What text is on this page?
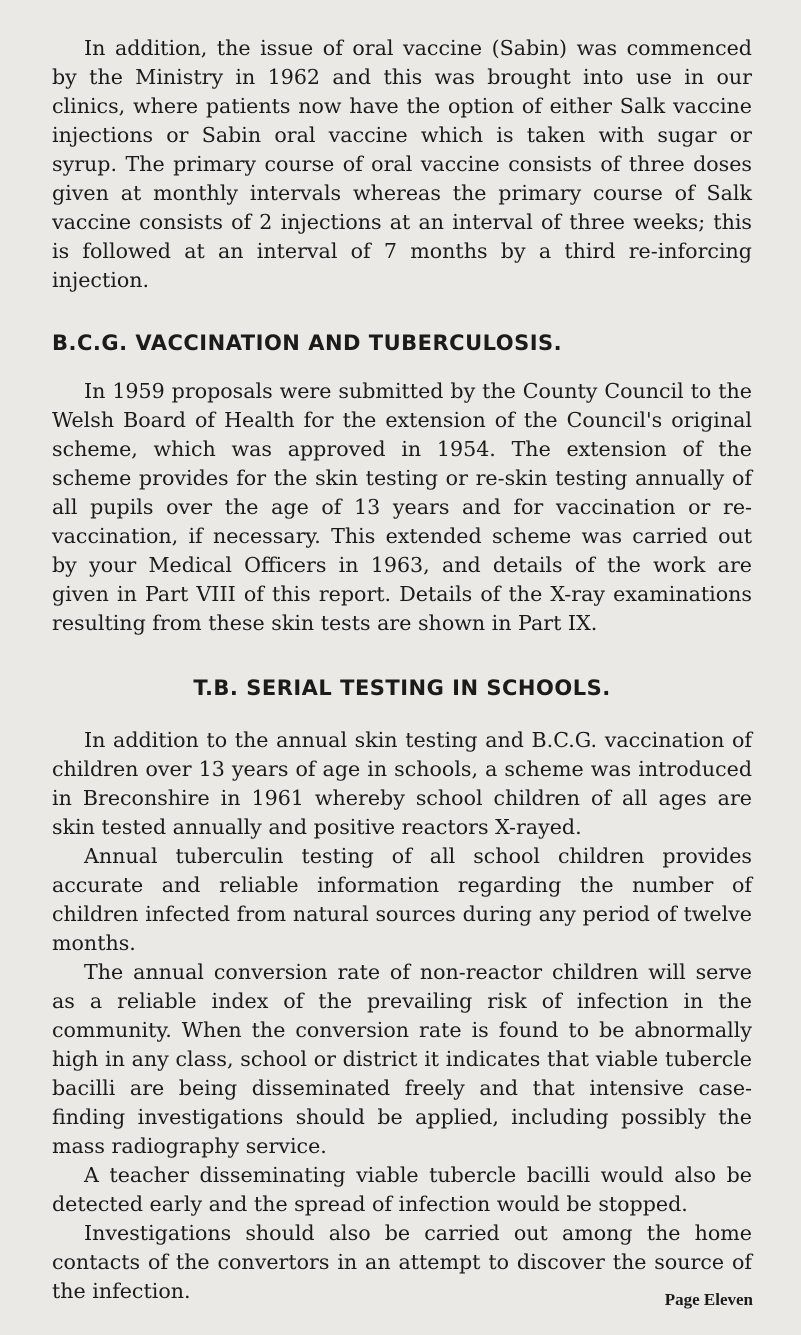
In addition, the issue of oral vaccine (Sabin) was commenced by the Ministry in 1962 and this was brought into use in our clinics, where patients now have the option of either Salk vaccine injections or Sabin oral vaccine which is taken with sugar or syrup. The primary course of oral vaccine consists of three doses given at monthly intervals whereas the primary course of Salk vaccine consists of 2 injections at an interval of three weeks; this is followed at an interval of 7 months by a third re-inforcing injection.

B.C.G. VACCINATION AND TUBERCULOSIS.

In 1959 proposals were submitted by the County Council to the Welsh Board of Health for the extension of the Council's original scheme, which was approved in 1954. The extension of the scheme provides for the skin testing or re-skin testing annually of all pupils over the age of 13 years and for vaccination or re-vaccination, if necessary. This extended scheme was carried out by your Medical Officers in 1963, and details of the work are given in Part VIII of this report. Details of the X-ray examinations resulting from these skin tests are shown in Part IX.

T.B. SERIAL TESTING IN SCHOOLS.

In addition to the annual skin testing and B.C.G. vaccination of children over 13 years of age in schools, a scheme was introduced in Breconshire in 1961 whereby school children of all ages are skin tested annually and positive reactors X-rayed.

Annual tuberculin testing of all school children provides accurate and reliable information regarding the number of children infected from natural sources during any period of twelve months.

The annual conversion rate of non-reactor children will serve as a reliable index of the prevailing risk of infection in the community. When the conversion rate is found to be abnormally high in any class, school or district it indicates that viable tubercle bacilli are being disseminated freely and that intensive case-finding investigations should be applied, including possibly the mass radiography service.

A teacher disseminating viable tubercle bacilli would also be detected early and the spread of infection would be stopped.

Investigations should also be carried out among the home contacts of the convertors in an attempt to discover the source of the infection.	Page Eleven
